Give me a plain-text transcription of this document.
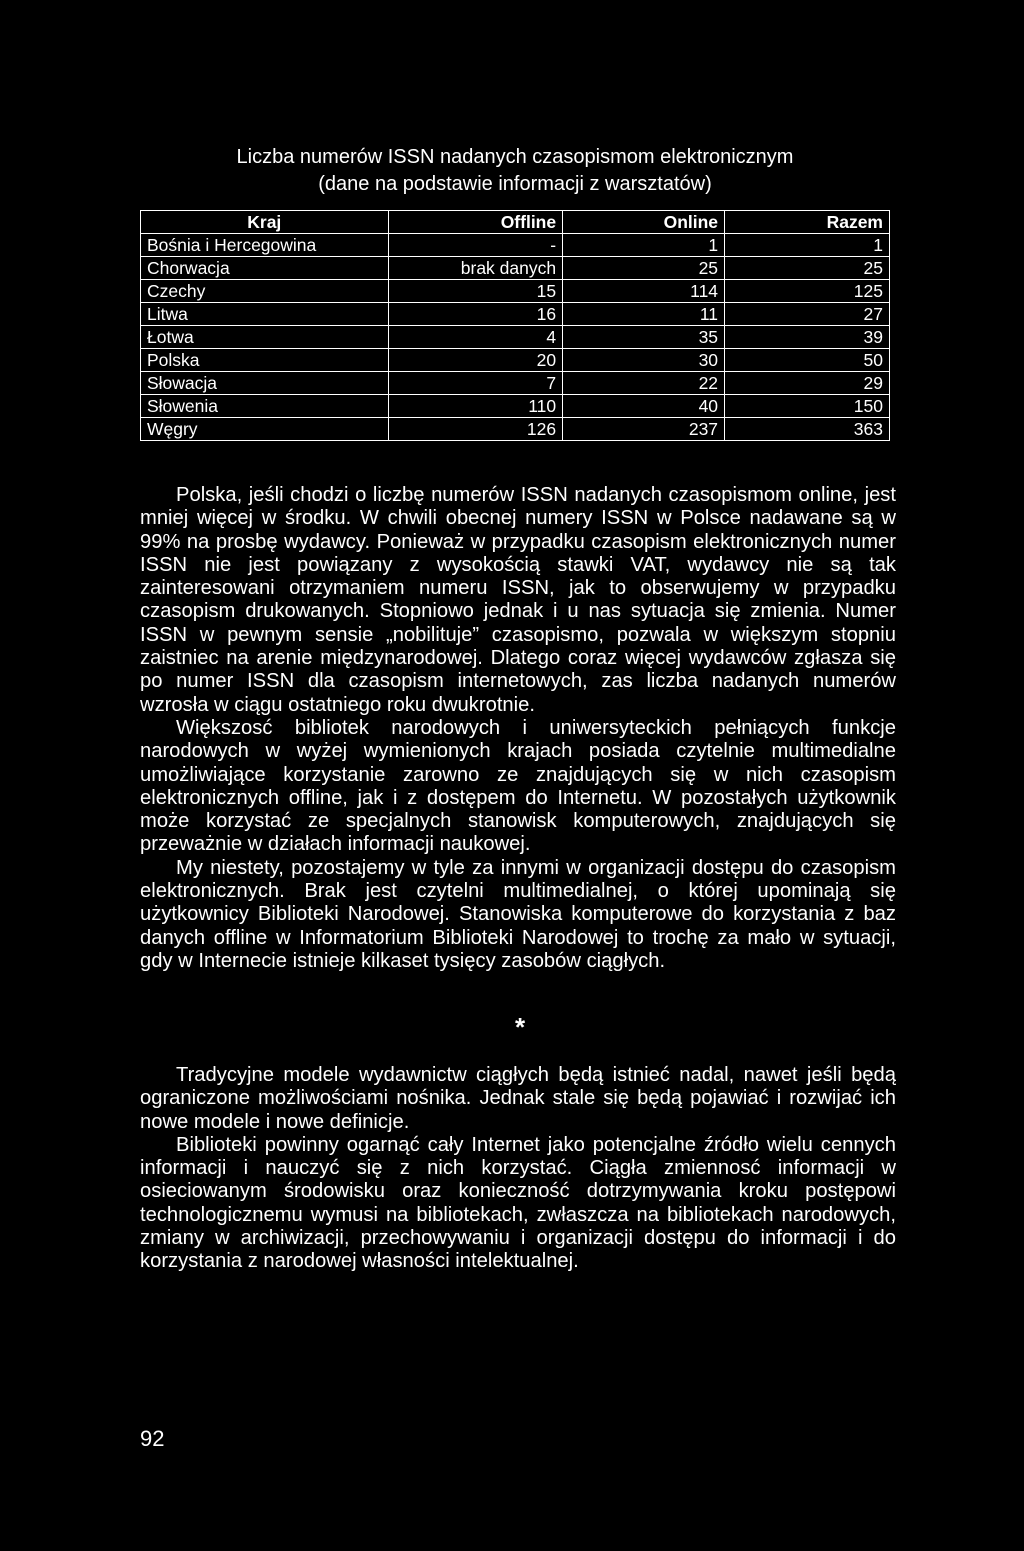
Liczba numerów ISSN nadanych czasopismom elektronicznym
(dane na podstawie informacji z warsztatów)
Kraj	Offline	Online	Razem
Bośnia i Hercegowina	-	1	1
Chorwacja	brak danych	25	25
Czechy	15	114	125
Litwa	16	11	27
Łotwa	4	35	39
Polska	20	30	50
Słowacja	7	22	29
Słowenia	110	40	150
Węgry	126	237	363

Polska, jeśli chodzi o liczbę numerów ISSN nadanych czasopismom online, jest mniej więcej w środku. W chwili obecnej numery ISSN w Polsce nadawane są w 99% na prosbę wydawcy. Ponieważ w przypadku czasopism elektronicznych numer ISSN nie jest powiązany z wysokością stawki VAT, wydawcy nie są tak zainteresowani otrzymaniem numeru ISSN, jak to obserwujemy w przypadku czasopism drukowanych. Stopniowo jednak i u nas sytuacja się zmienia. Numer ISSN w pewnym sensie „nobilituje” czasopismo, pozwala w większym stopniu zaistniec na arenie międzynarodowej. Dlatego coraz więcej wydawców zgłasza się po numer ISSN dla czasopism internetowych, zas liczba nadanych numerów wzrosła w ciągu ostatniego roku dwukrotnie.

Większosć bibliotek narodowych i uniwersyteckich pełniących funkcje narodowych w wyżej wymienionych krajach posiada czytelnie multimedialne umożliwiające korzystanie zarowno ze znajdujących się w nich czasopism elektronicznych offline, jak i z dostępem do Internetu. W pozostałych użytkownik może korzystać ze specjalnych stanowisk komputerowych, znajdujących się przeważnie w działach informacji naukowej.

My niestety, pozostajemy w tyle za innymi w organizacji dostępu do czasopism elektronicznych. Brak jest czytelni multimedialnej, o której upominają się użytkownicy Biblioteki Narodowej. Stanowiska komputerowe do korzystania z baz danych offline w Informatorium Biblioteki Narodowej to trochę za mało w sytuacji, gdy w Internecie istnieje kilkaset tysięcy zasobów ciągłych.

*

Tradycyjne modele wydawnictw ciągłych będą istnieć nadal, nawet jeśli będą ograniczone możliwościami nośnika. Jednak stale się będą pojawiać i rozwijać ich nowe modele i nowe definicje.

Biblioteki powinny ogarnąć cały Internet jako potencjalne źródło wielu cennych informacji i nauczyć się z nich korzystać. Ciągła zmiennosć informacji w osieciowanym środowisku oraz konieczność dotrzymywania kroku postępowi technologicznemu wymusi na bibliotekach, zwłaszcza na bibliotekach narodowych, zmiany w archiwizacji, przechowywaniu i organizacji dostępu do informacji i do korzystania z narodowej własności intelektualnej.

92
